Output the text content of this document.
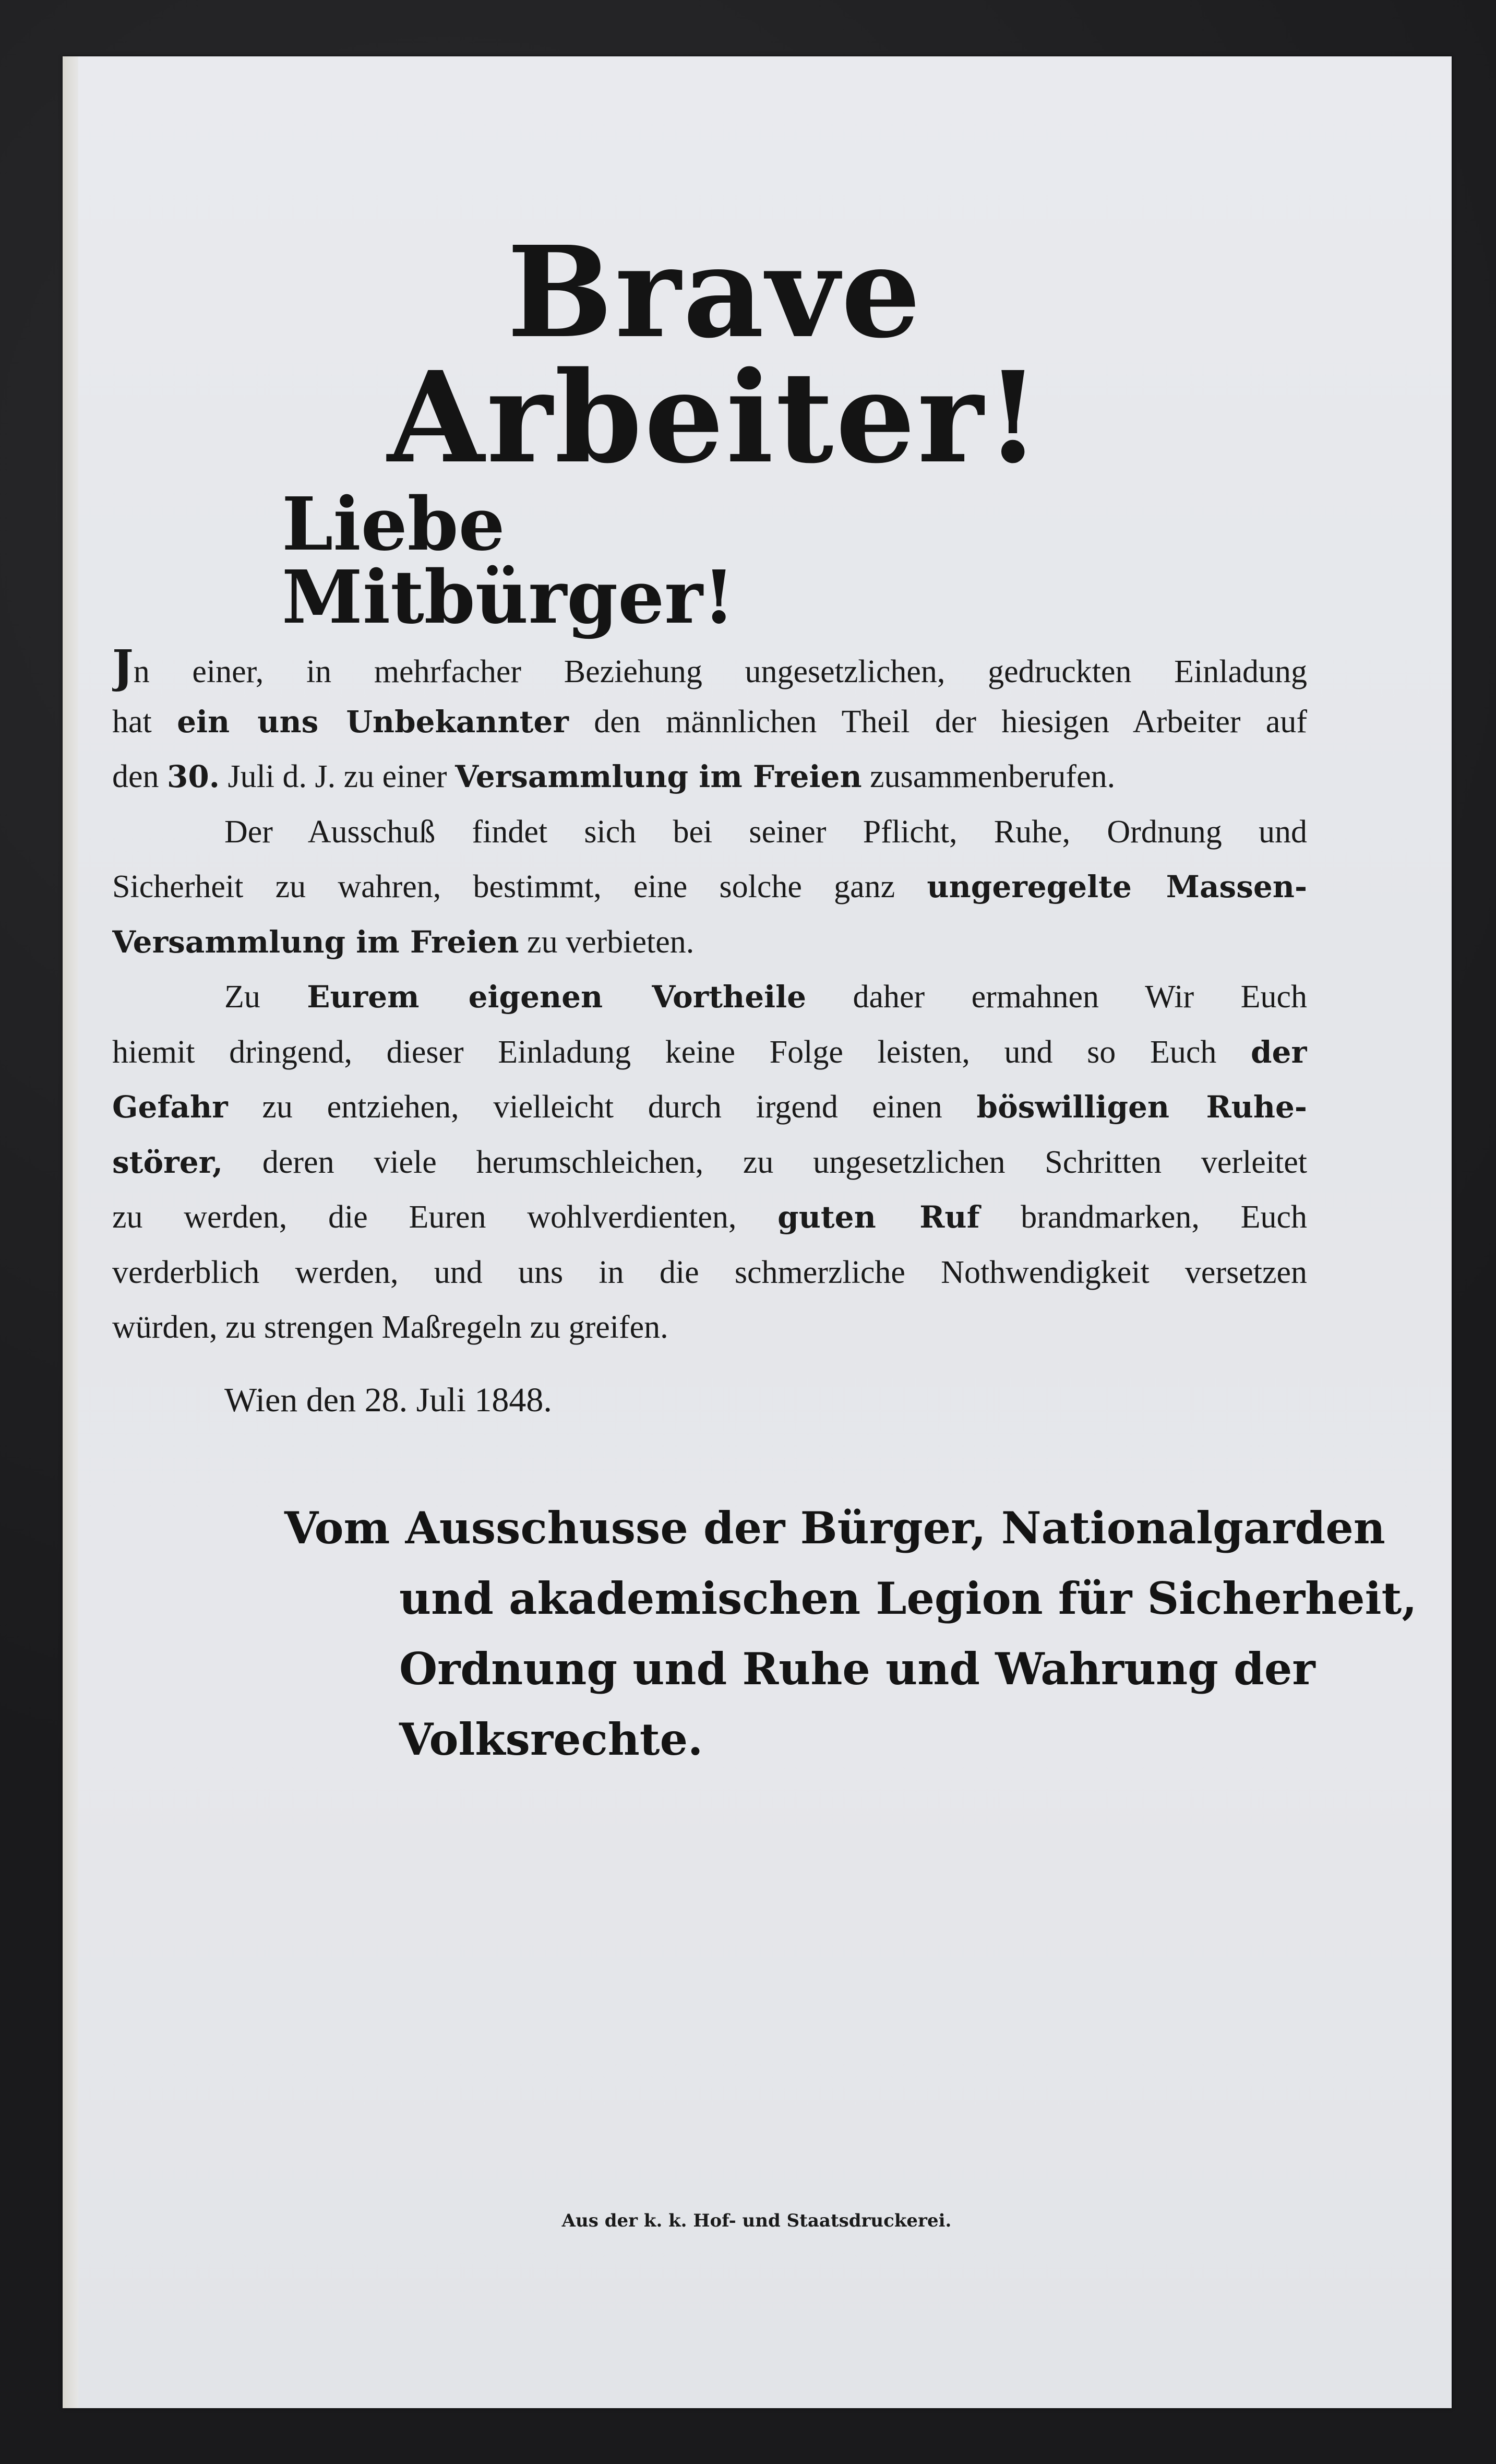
Brave Arbeiter!
Liebe Mitbürger!
Jn einer, in mehrfacher Beziehung ungesetzlichen, gedruckten Einladung
hat ein uns Unbekannter den männlichen Theil der hiesigen Arbeiter auf
den 30. Juli d. J. zu einer Versammlung im Freien zusammenberufen.
Der Ausschuß findet sich bei seiner Pflicht, Ruhe, Ordnung und
Sicherheit zu wahren, bestimmt, eine solche ganz ungeregelte Massen-
Versammlung im Freien zu verbieten.
Zu Eurem eigenen Vortheile daher ermahnen Wir Euch
hiemit dringend, dieser Einladung keine Folge leisten, und so Euch der
Gefahr zu entziehen, vielleicht durch irgend einen böswilligen Ruhe-
störer, deren viele herumschleichen, zu ungesetzlichen Schritten verleitet
zu werden, die Euren wohlverdienten, guten Ruf brandmarken, Euch
verderblich werden, und uns in die schmerzliche Nothwendigkeit versetzen
würden, zu strengen Maßregeln zu greifen.
Wien den 28. Juli 1848.
Vom Ausschusse der Bürger, Nationalgarden
und akademischen Legion für Sicherheit,
Ordnung und Ruhe und Wahrung der
Volksrechte.
Aus der k. k. Hof- und Staatsdruckerei.
